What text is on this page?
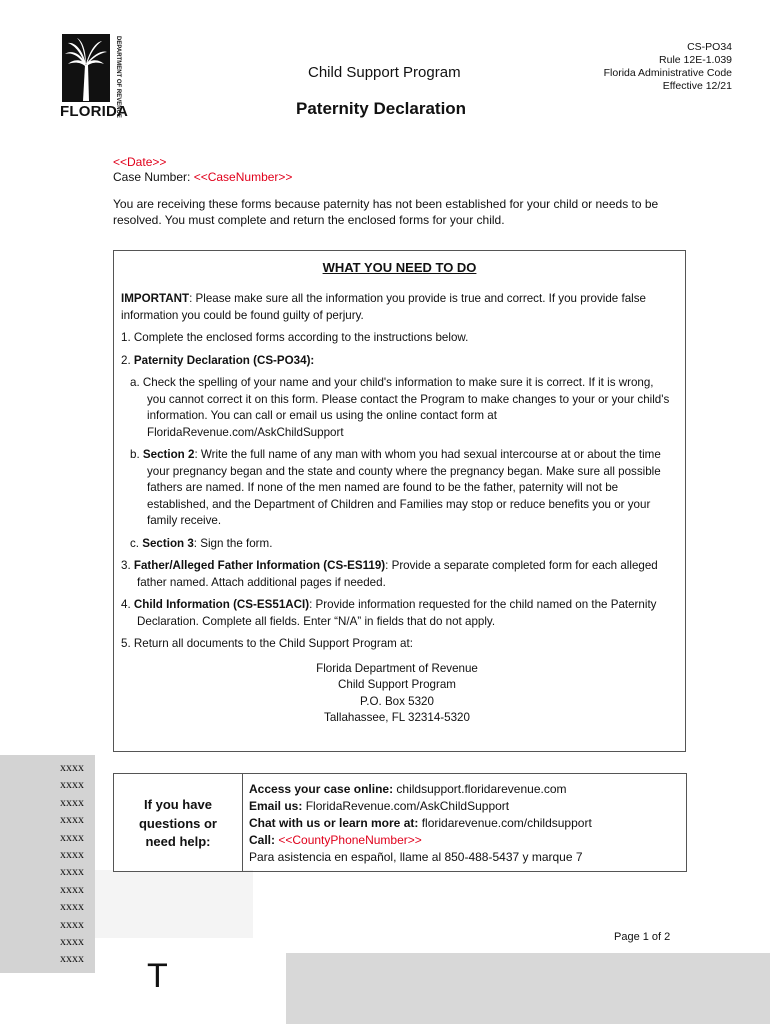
DEPARTMENT OF REVENUE
FLORIDA
Child Support Program
Paternity Declaration
CS-PO34
Rule 12E-1.039
Florida Administrative Code
Effective 12/21
<<Date>>
Case Number: <<CaseNumber>>
You are receiving these forms because paternity has not been established for your child or needs to be resolved. You must complete and return the enclosed forms for your child.
WHAT YOU NEED TO DO

IMPORTANT: Please make sure all the information you provide is true and correct. If you provide false information you could be found guilty of perjury.

1. Complete the enclosed forms according to the instructions below.

2. Paternity Declaration (CS-PO34):

a. Check the spelling of your name and your child's information to make sure it is correct. If it is wrong, you cannot correct it on this form. Please contact the Program to make changes to your or your child's information. You can call or email us using the online contact form at FloridaRevenue.com/AskChildSupport

b. Section 2: Write the full name of any man with whom you had sexual intercourse at or about the time your pregnancy began and the state and county where the pregnancy began. Make sure all possible fathers are named. If none of the men named are found to be the father, paternity will not be established, and the Department of Children and Families may stop or reduce benefits you or your family receive.

c. Section 3: Sign the form.

3. Father/Alleged Father Information (CS-ES119): Provide a separate completed form for each alleged father named. Attach additional pages if needed.

4. Child Information (CS-ES51ACI): Provide information requested for the child named on the Paternity Declaration. Complete all fields. Enter “N/A” in fields that do not apply.

5. Return all documents to the Child Support Program at:

Florida Department of Revenue
Child Support Program
P.O. Box 5320
Tallahassee, FL 32314-5320
xxxx
xxxx
xxxx
xxxx
xxxx
xxxx
xxxx
xxxx
xxxx
xxxx
xxxx
xxxx
If you have
questions or
need help:
Access your case online: childsupport.floridarevenue.com
Email us: FloridaRevenue.com/AskChildSupport
Chat with us or learn more at: floridarevenue.com/childsupport
Call: <<CountyPhoneNumber>>
Para asistencia en español, llame al 850-488-5437 y marque 7
Page 1 of 2
T
